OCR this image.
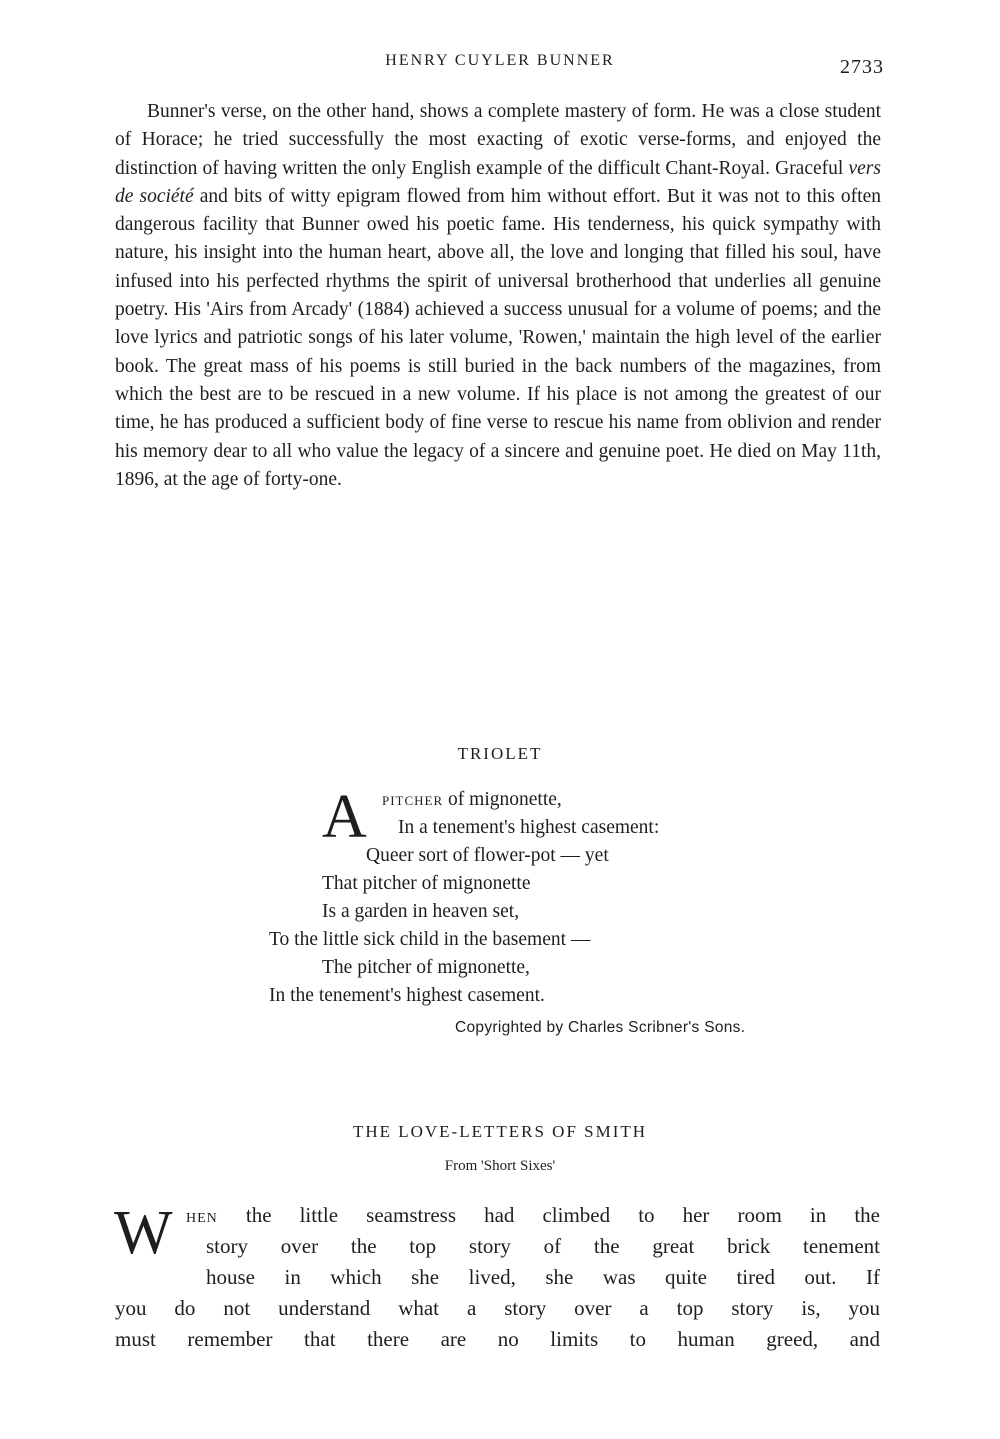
HENRY CUYLER BUNNER	2733

Bunner's verse, on the other hand, shows a complete mastery of form. He was a close student of Horace; he tried successfully the most exacting of exotic verse-forms, and enjoyed the distinction of having written the only English example of the difficult Chant-Royal. Graceful vers de société and bits of witty epigram flowed from him without effort. But it was not to this often dangerous facility that Bunner owed his poetic fame. His tenderness, his quick sympathy with nature, his insight into the human heart, above all, the love and longing that filled his soul, have infused into his perfected rhythms the spirit of universal brotherhood that underlies all genuine poetry. His 'Airs from Arcady' (1884) achieved a success unusual for a volume of poems; and the love lyrics and patriotic songs of his later volume, 'Rowen,' maintain the high level of the earlier book. The great mass of his poems is still buried in the back numbers of the magazines, from which the best are to be rescued in a new volume. If his place is not among the greatest of our time, he has produced a sufficient body of fine verse to rescue his name from oblivion and render his memory dear to all who value the legacy of a sincere and genuine poet. He died on May 11th, 1896, at the age of forty-one.

TRIOLET
A PITCHER of mignonette,
In a tenement's highest casement:
Queer sort of flower-pot — yet
That pitcher of mignonette
Is a garden in heaven set,
To the little sick child in the basement —
The pitcher of mignonette,
In the tenement's highest casement.
Copyrighted by Charles Scribner's Sons.
THE LOVE-LETTERS OF SMITH
From 'Short Sixes'
W HEN the little seamstress had climbed to her room in the
story over the top story of the great brick tenement
house in which she lived, she was quite tired out. If
you do not understand what a story over a top story is, you
must remember that there are no limits to human greed, and
